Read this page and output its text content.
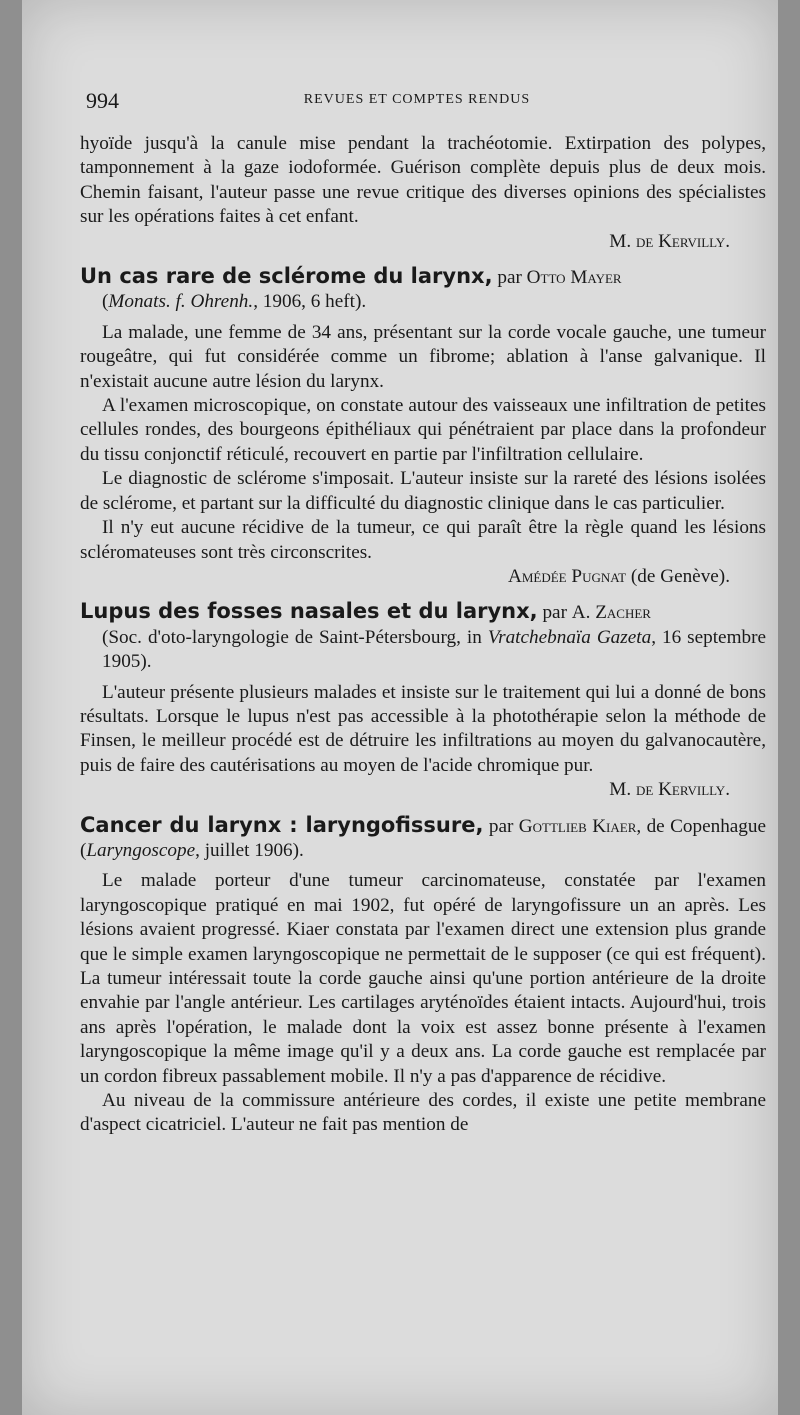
994	REVUES ET COMPTES RENDUS

hyoïde jusqu'à la canule mise pendant la trachéotomie. Extirpation des polypes, tamponnement à la gaze iodoformée. Guérison complète depuis plus de deux mois. Chemin faisant, l'auteur passe une revue critique des diverses opinions des spécialistes sur les opérations faites à cet enfant.

M. de Kervilly.

Un cas rare de sclérome du larynx, par Otto Mayer

(Monats. f. Ohrenh., 1906, 6 heft).

La malade, une femme de 34 ans, présentant sur la corde vocale gauche, une tumeur rougeâtre, qui fut considérée comme un fibrome; ablation à l'anse galvanique. Il n'existait aucune autre lésion du larynx.

A l'examen microscopique, on constate autour des vaisseaux une infiltration de petites cellules rondes, des bourgeons épithéliaux qui pénétraient par place dans la profondeur du tissu conjonctif réticulé, recouvert en partie par l'infiltration cellulaire.

Le diagnostic de sclérome s'imposait. L'auteur insiste sur la rareté des lésions isolées de sclérome, et partant sur la difficulté du diagnostic clinique dans le cas particulier.

Il n'y eut aucune récidive de la tumeur, ce qui paraît être la règle quand les lésions scléromateuses sont très circonscrites.

Amédée Pugnat (de Genève).

Lupus des fosses nasales et du larynx, par A. Zacher

(Soc. d'oto-laryngologie de Saint-Pétersbourg, in Vratchebnaïa Gazeta, 16 septembre 1905).

L'auteur présente plusieurs malades et insiste sur le traitement qui lui a donné de bons résultats. Lorsque le lupus n'est pas accessible à la photothérapie selon la méthode de Finsen, le meilleur procédé est de détruire les infiltrations au moyen du galvanocautère, puis de faire des cautérisations au moyen de l'acide chromique pur.

M. de Kervilly.

Cancer du larynx : laryngofissure, par Gottlieb Kiaer, de Copenhague (Laryngoscope, juillet 1906).

Le malade porteur d'une tumeur carcinomateuse, constatée par l'examen laryngoscopique pratiqué en mai 1902, fut opéré de laryngofissure un an après. Les lésions avaient progressé. Kiaer constata par l'examen direct une extension plus grande que le simple examen laryngoscopique ne permettait de le supposer (ce qui est fréquent). La tumeur intéressait toute la corde gauche ainsi qu'une portion antérieure de la droite envahie par l'angle antérieur. Les cartilages aryténoïdes étaient intacts. Aujourd'hui, trois ans après l'opération, le malade dont la voix est assez bonne présente à l'examen laryngoscopique la même image qu'il y a deux ans. La corde gauche est remplacée par un cordon fibreux passablement mobile. Il n'y a pas d'apparence de récidive.

Au niveau de la commissure antérieure des cordes, il existe une petite membrane d'aspect cicatriciel. L'auteur ne fait pas mention de
